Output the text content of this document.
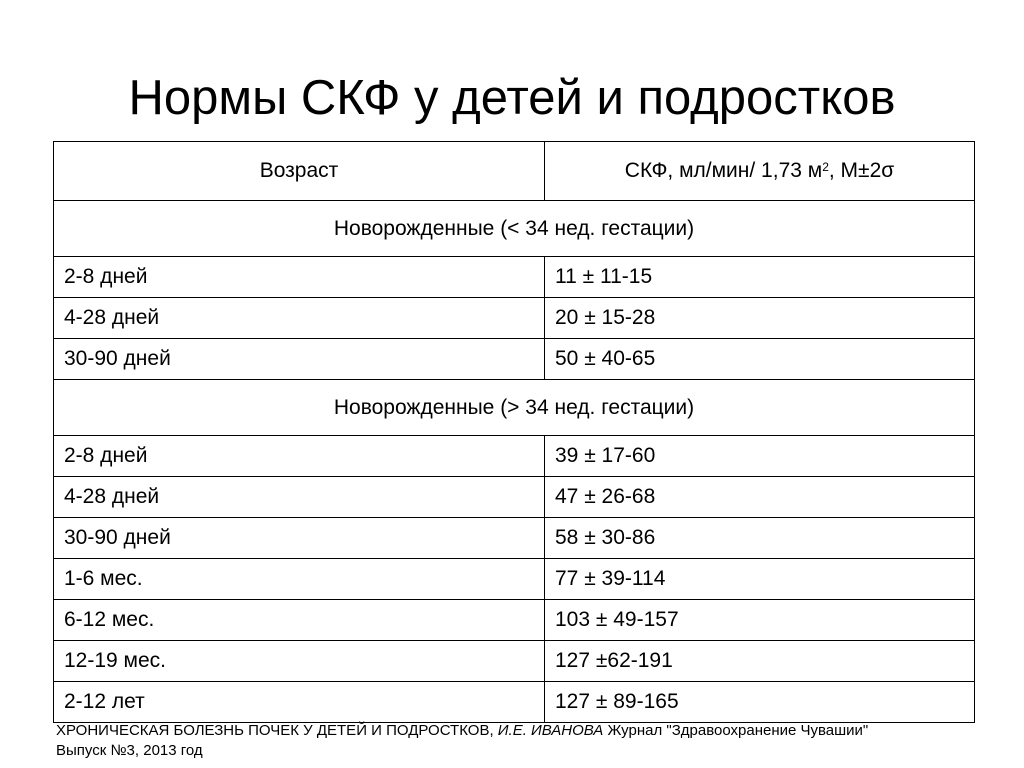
Нормы СКФ у детей и подростков
Возраст	СКФ, мл/мин/ 1,73 $м^2$, М±2σ
Новорожденные (< 34 нед. гестации)	
2-8 дней	11 ± 11-15
4-28 дней	20 ± 15-28
30-90 дней	50 ± 40-65
Новорожденные (> 34 нед. гестации)	
2-8 дней	39 ± 17-60
4-28 дней	47 ± 26-68
30-90 дней	58 ± 30-86
1-6 мес.	77 ± 39-114
6-12 мес.	103 ± 49-157
12-19 мес.	127 ±62-191
2-12 лет	127 ± 89-165
ХРОНИЧЕСКАЯ БОЛЕЗНЬ ПОЧЕК У ДЕТЕЙ И ПОДРОСТКОВ, И.Е. ИВАНОВА Журнал "Здравоохранение Чувашии"
Выпуск №3, 2013 год
